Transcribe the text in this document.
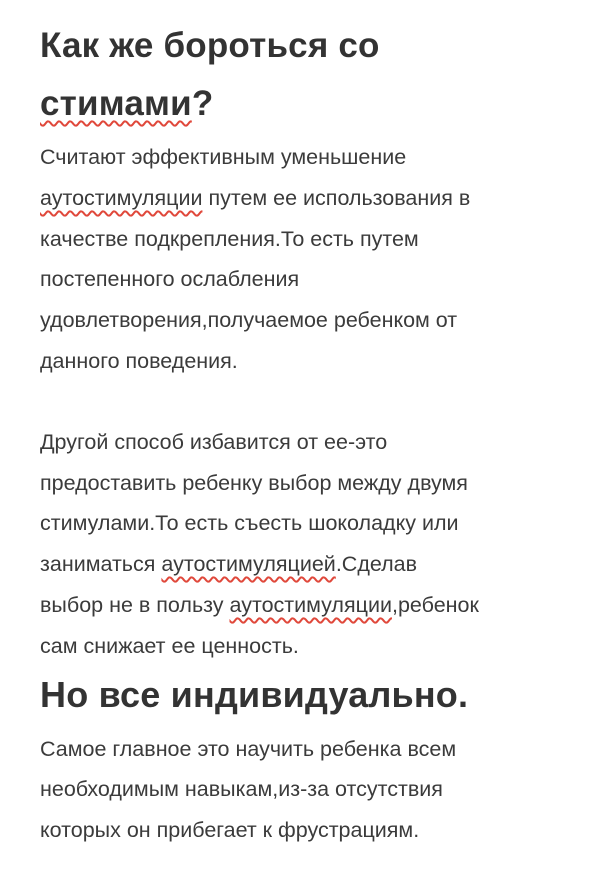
Как же бороться со
стимами?

Считают эффективным уменьшение
аутостимуляции путем ее использования в
качестве подкрепления.То есть путем
постепенного ослабления
удовлетворения,получаемое ребенком от
данного поведения.

Другой способ избавится от ее-это
предоставить ребенку выбор между двумя
стимулами.То есть съесть шоколадку или
заниматься аутостимуляцией.Сделав
выбор не в пользу аутостимуляции,ребенок
сам снижает ее ценность.

Но все индивидуально.

Самое главное это научить ребенка всем
необходимым навыкам,из-за отсутствия
которых он прибегает к фрустрациям.
